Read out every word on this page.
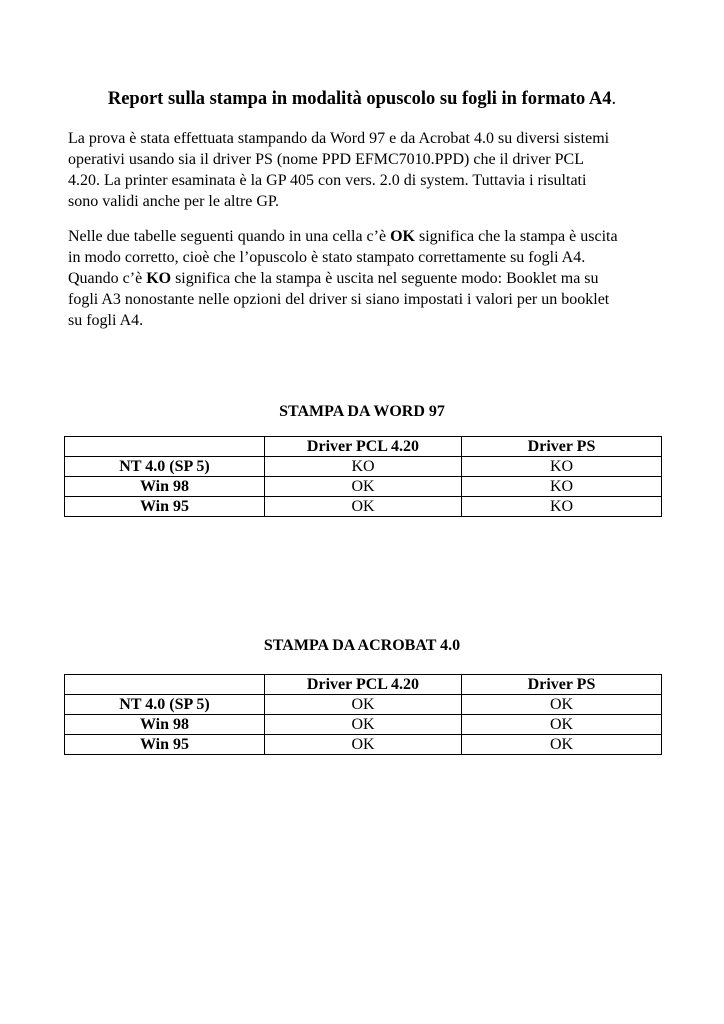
Report sulla stampa in modalità opuscolo su fogli in formato A4.

La prova è stata effettuata stampando da Word 97 e da Acrobat 4.0 su diversi sistemi
operativi usando sia il driver PS (nome PPD EFMC7010.PPD) che il driver PCL
4.20. La printer esaminata è la GP 405 con vers. 2.0 di system. Tuttavia i risultati
sono validi anche per le altre GP.

Nelle due tabelle seguenti quando in una cella c’è OK significa che la stampa è uscita
in modo corretto, cioè che l’opuscolo è stato stampato correttamente su fogli A4.
Quando c’è KO significa che la stampa è uscita nel seguente modo: Booklet ma su
fogli A3 nonostante nelle opzioni del driver si siano impostati i valori per un booklet
su fogli A4.

STAMPA DA WORD 97
	Driver PCL 4.20	Driver PS
NT 4.0 (SP 5)	KO	KO
Win 98	OK	KO
Win 95	OK	KO
STAMPA DA ACROBAT 4.0
	Driver PCL 4.20	Driver PS
NT 4.0 (SP 5)	OK	OK
Win 98	OK	OK
Win 95	OK	OK
